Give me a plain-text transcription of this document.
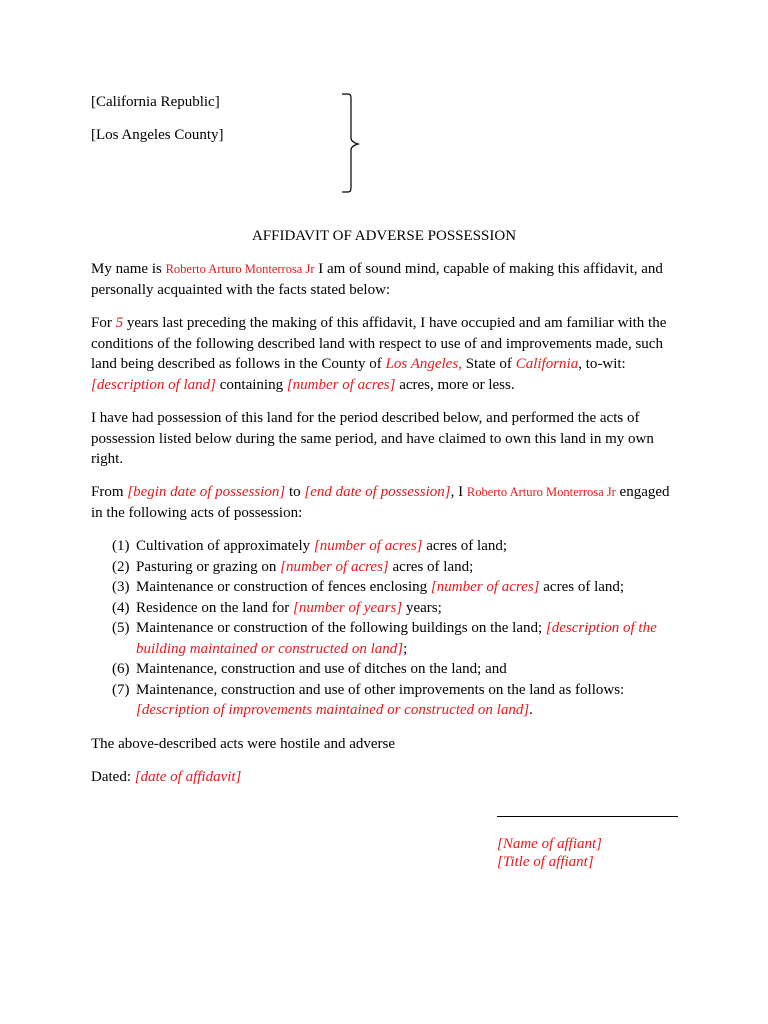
[California Republic]
[Los Angeles County]
AFFIDAVIT OF ADVERSE POSSESSION

My name is Roberto Arturo Monterrosa Jr I am of sound mind, capable of making this affidavit, and personally acquainted with the facts stated below:

For 5 years last preceding the making of this affidavit, I have occupied and am familiar with the conditions of the following described land with respect to use of and improvements made, such land being described as follows in the County of Los Angeles, State of California, to-wit: [description of land] containing [number of acres] acres, more or less.

I have had possession of this land for the period described below, and performed the acts of possession listed below during the same period, and have claimed to own this land in my own right.

From [begin date of possession] to [end date of possession], I Roberto Arturo Monterrosa Jr engaged in the following acts of possession:

(1) Cultivation of approximately [number of acres] acres of land;
(2) Pasturing or grazing on [number of acres] acres of land;
(3) Maintenance or construction of fences enclosing [number of acres] acres of land;
(4) Residence on the land for [number of years] years;
(5) Maintenance or construction of the following buildings on the land; [description of the building maintained or constructed on land];
(6) Maintenance, construction and use of ditches on the land; and
(7) Maintenance, construction and use of other improvements on the land as follows: [description of improvements maintained or constructed on land].

The above-described acts were hostile and adverse

Dated: [date of affidavit]

[Name of affiant]
[Title of affiant]
